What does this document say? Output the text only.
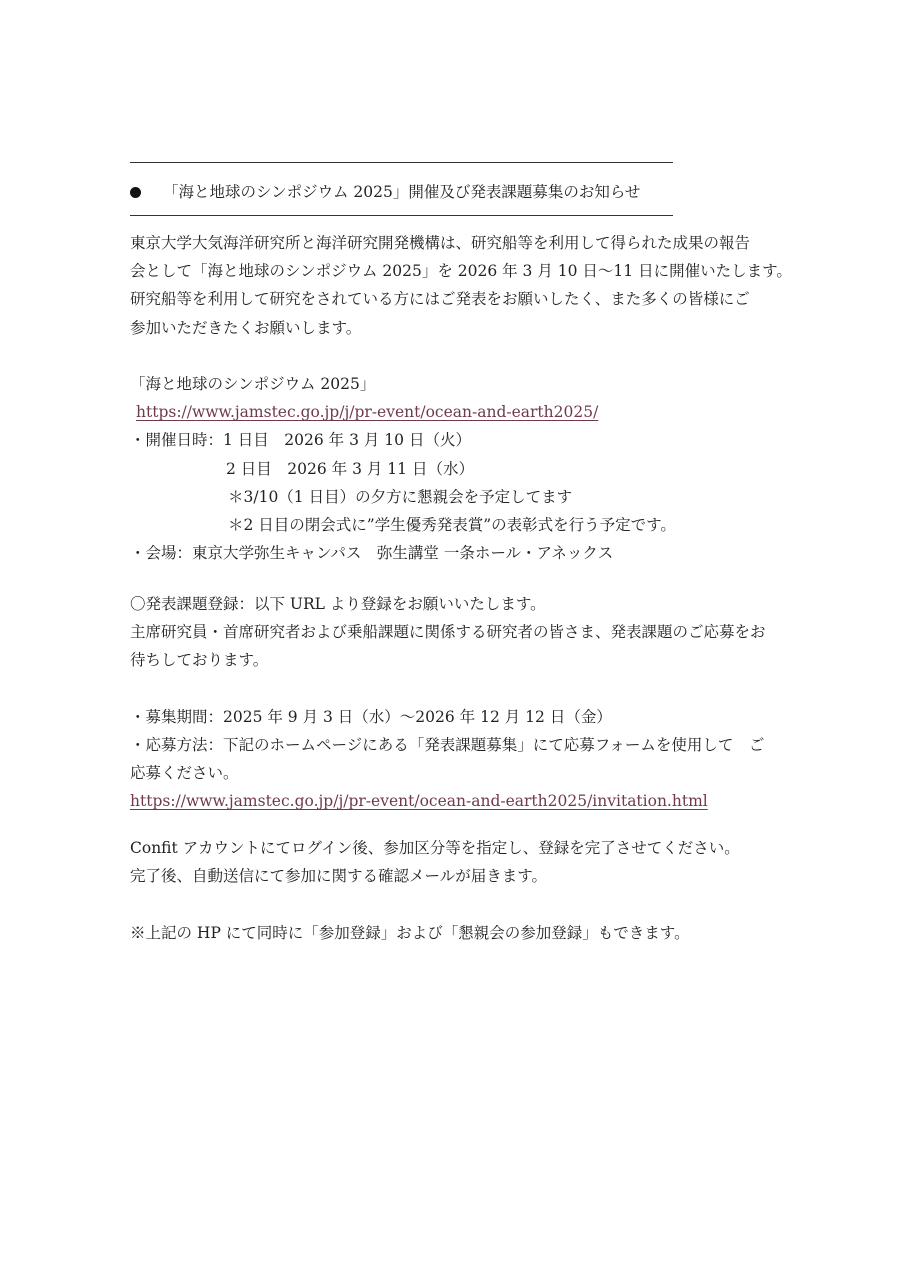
「海と地球のシンポジウム 2025」開催及び発表課題募集のお知らせ

東京大学大気海洋研究所と海洋研究開発機構は、研究船等を利用して得られた成果の報告

会として「海と地球のシンポジウム 2025」を 2026 年 3 月 10 日〜11 日に開催いたします。

研究船等を利用して研究をされている方にはご発表をお願いしたく、また多くの皆様にご

参加いただきたくお願いします。

「海と地球のシンポジウム 2025」

https://www.jamstec.go.jp/j/pr-event/ocean-and-earth2025/

・開催日時：1 日目　2026 年 3 月 10 日（火）

2 日目　2026 年 3 月 11 日（水）

＊3/10（1 日目）の夕方に懇親会を予定してます

＊2 日目の閉会式に”学生優秀発表賞”の表彰式を行う予定です。

・会場：東京大学弥生キャンパス　弥生講堂 一条ホール・アネックス

〇発表課題登録：以下 URL より登録をお願いいたします。

主席研究員・首席研究者および乗船課題に関係する研究者の皆さま、発表課題のご応募をお

待ちしております。

・募集期間：2025 年 9 月 3 日（水）〜2026 年 12 月 12 日（金）

・応募方法：下記のホームページにある「発表課題募集」にて応募フォームを使用して　ご

応募ください。

https://www.jamstec.go.jp/j/pr-event/ocean-and-earth2025/invitation.html

Confit アカウントにてログイン後、参加区分等を指定し、登録を完了させてください。

完了後、自動送信にて参加に関する確認メールが届きます。

※上記の HP にて同時に「参加登録」および「懇親会の参加登録」もできます。
